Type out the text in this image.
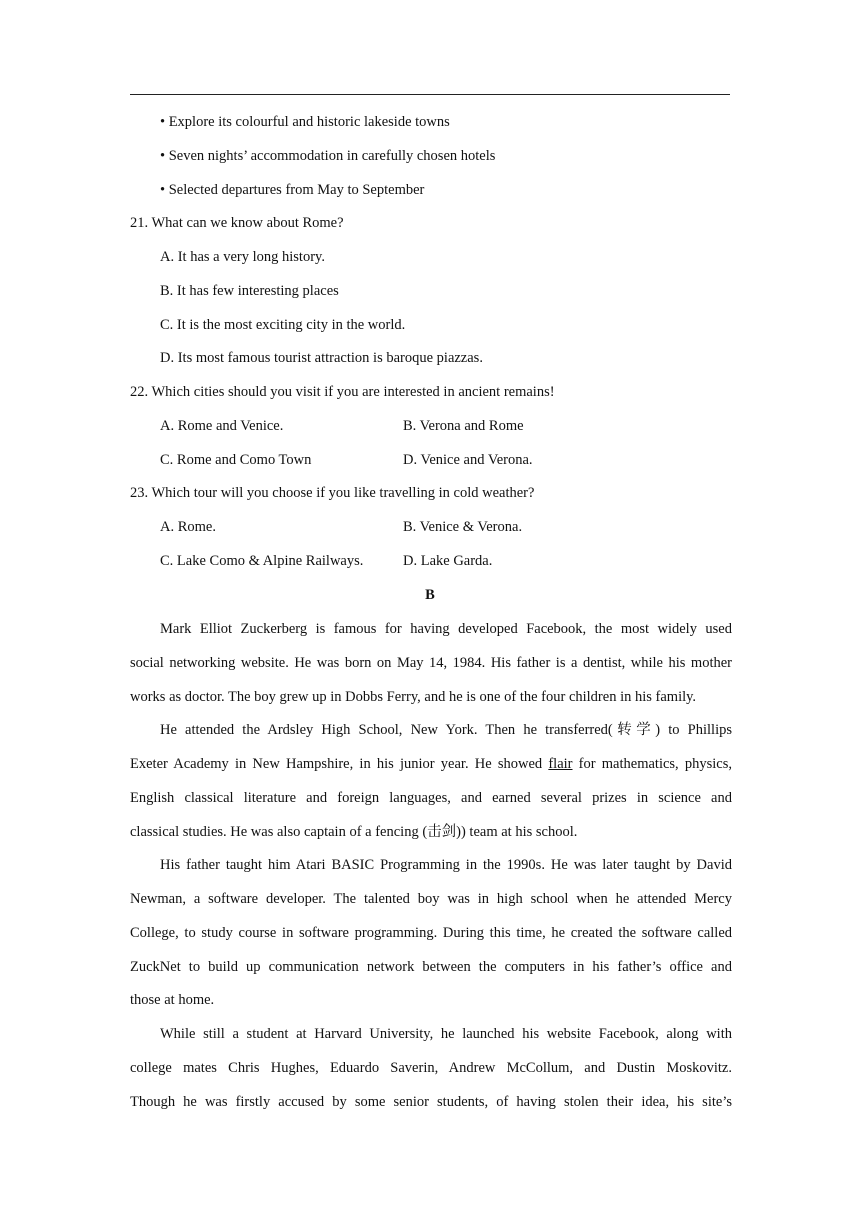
• Explore its colourful and historic lakeside towns
• Seven nights’ accommodation in carefully chosen hotels
• Selected departures from May to September
21. What can we know about Rome?
A. It has a very long history.
B. It has few interesting places
C. It is the most exciting city in the world.
D. Its most famous tourist attraction is baroque piazzas.
22. Which cities should you visit if you are interested in ancient remains!
A. Rome and Venice.	B. Verona and Rome
C. Rome and Como Town	D. Venice and Verona.
23. Which tour will you choose if you like travelling in cold weather?
A. Rome.	B. Venice & Verona.
C. Lake Como & Alpine Railways.	D. Lake Garda.
B
Mark Elliot Zuckerberg is famous for having developed Facebook, the most widely used
social networking website. He was born on May 14, 1984. His father is a dentist, while his mother
works as doctor. The boy grew up in Dobbs Ferry, and he is one of the four children in his family.
He attended the Ardsley High School, New York. Then he transferred(转学) to Phillips
Exeter Academy in New Hampshire, in his junior year. He showed flair for mathematics, physics,
English classical literature and foreign languages, and earned several prizes in science and
classical studies. He was also captain of a fencing (击剑)) team at his school.
His father taught him Atari BASIC Programming in the 1990s. He was later taught by David
Newman, a software developer. The talented boy was in high school when he attended Mercy
College, to study course in software programming. During this time, he created the software called
ZuckNet to build up communication network between the computers in his father’s office and
those at home.
While still a student at Harvard University, he launched his website Facebook, along with
college mates Chris Hughes, Eduardo Saverin, Andrew McCollum, and Dustin Moskovitz.
Though he was firstly accused by some senior students, of having stolen their idea, his site’s
